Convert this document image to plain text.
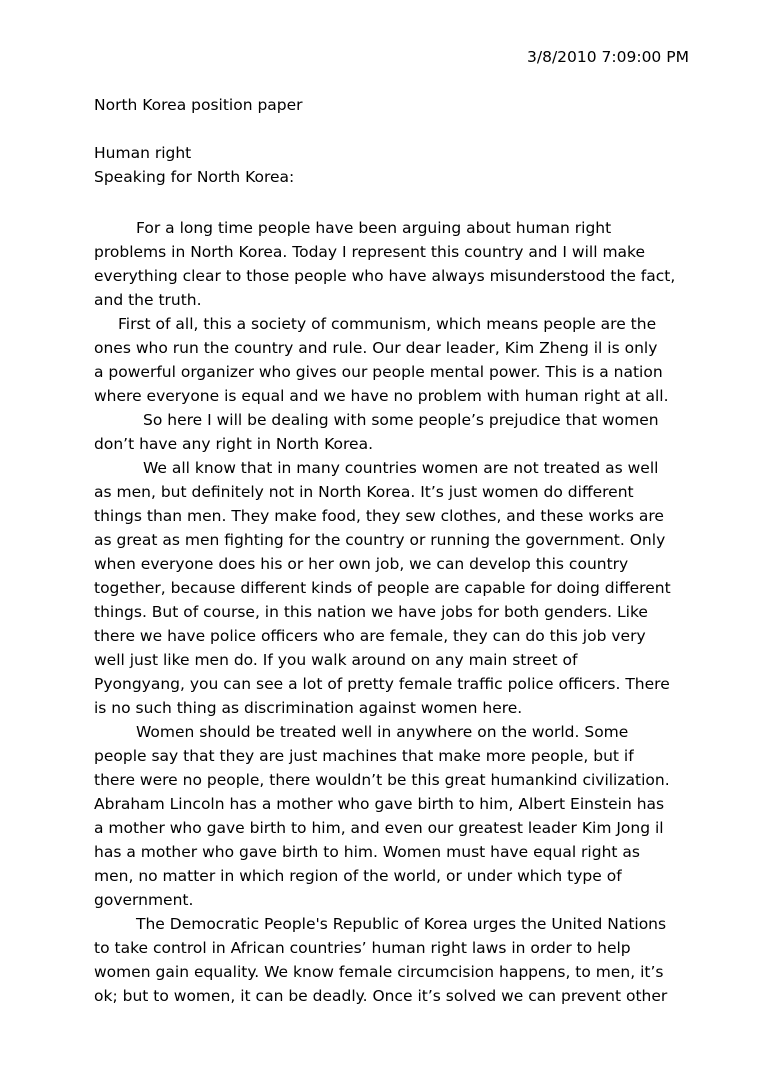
3/8/2010 7:09:00 PM
North Korea position paper
Human right
Speaking for North Korea:
For a long time people have been arguing about human right
problems in North Korea. Today I represent this country and I will make
everything clear to those people who have always misunderstood the fact,
and the truth.
First of all, this a society of communism, which means people are the
ones who run the country and rule. Our dear leader, Kim Zheng il is only
a powerful organizer who gives our people mental power. This is a nation
where everyone is equal and we have no problem with human right at all.
So here I will be dealing with some people’s prejudice that women
don’t have any right in North Korea.
We all know that in many countries women are not treated as well
as men, but definitely not in North Korea. It’s just women do different
things than men. They make food, they sew clothes, and these works are
as great as men fighting for the country or running the government. Only
when everyone does his or her own job, we can develop this country
together, because different kinds of people are capable for doing different
things. But of course, in this nation we have jobs for both genders. Like
there we have police officers who are female, they can do this job very
well just like men do. If you walk around on any main street of
Pyongyang, you can see a lot of pretty female traffic police officers. There
is no such thing as discrimination against women here.
Women should be treated well in anywhere on the world. Some
people say that they are just machines that make more people, but if
there were no people, there wouldn’t be this great humankind civilization.
Abraham Lincoln has a mother who gave birth to him, Albert Einstein has
a mother who gave birth to him, and even our greatest leader Kim Jong il
has a mother who gave birth to him. Women must have equal right as
men, no matter in which region of the world, or under which type of
government.
The Democratic People's Republic of Korea urges the United Nations
to take control in African countries’ human right laws in order to help
women gain equality. We know female circumcision happens, to men, it’s
ok; but to women, it can be deadly. Once it’s solved we can prevent other
